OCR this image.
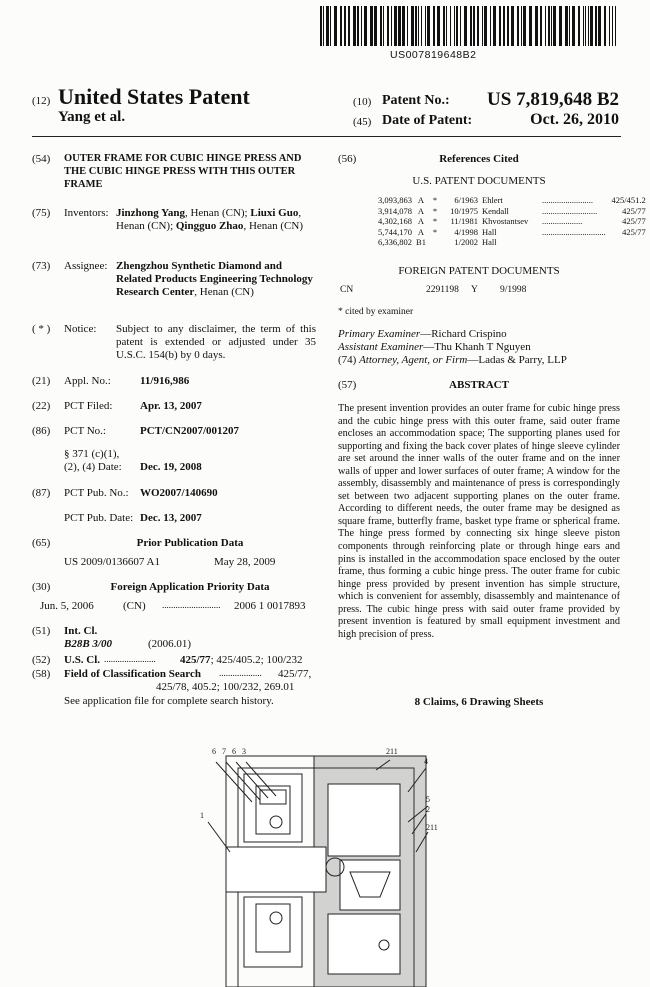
US007819648B2
(12) United States Patent
Yang et al.
(10) Patent No.:	US 7,819,648 B2
(45) Date of Patent:	Oct. 26, 2010
(54) OUTER FRAME FOR CUBIC HINGE PRESS AND THE CUBIC HINGE PRESS WITH THIS OUTER FRAME
(75) Inventors: Jinzhong Yang, Henan (CN); Liuxi Guo, Henan (CN); Qingguo Zhao, Henan (CN)
(73) Assignee: Zhengzhou Synthetic Diamond and Related Products Engineering Technology Research Center, Henan (CN)
( * ) Notice: Subject to any disclaimer, the term of this patent is extended or adjusted under 35 U.S.C. 154(b) by 0 days.
(21) Appl. No.:	11/916,986
(22) PCT Filed:	Apr. 13, 2007
(86) PCT No.:	PCT/CN2007/001207
§ 371 (c)(1),
(2), (4) Date: Dec. 19, 2008
(87) PCT Pub. No.: WO2007/140690
PCT Pub. Date: Dec. 13, 2007
(65)	Prior Publication Data
US 2009/0136607 A1	May 28, 2009
(30)	Foreign Application Priority Data
Jun. 5, 2006	(CN) .......................... 2006 1 0017893
(51) Int. Cl.
B28B 3/00	(2006.01)
(52) U.S. Cl. ....................... 425/77; 425/405.2; 100/232
(58) Field of Classification Search ................... 425/77,
425/78, 405.2; 100/232, 269.01
See application file for complete search history.
(56)	References Cited
U.S. PATENT DOCUMENTS
3,093,863	A	*	6/1963	Ehlert	........................	425/451.2
3,914,078	A	*	10/1975	Kendall	..........................	425/77
4,302,168	A	*	11/1981	Khvostantsev	...................	425/77
5,744,170	A	*	4/1998	Hall	..............................	425/77
6,336,802	B1		1/2002	Hall		
FOREIGN PATENT DOCUMENTS
CN	2291198 Y 9/1998
* cited by examiner
Primary Examiner—Richard Crispino
Assistant Examiner—Thu Khanh T Nguyen
(74) Attorney, Agent, or Firm—Ladas & Parry, LLP
(57)	ABSTRACT
The present invention provides an outer frame for cubic hinge press and the cubic hinge press with this outer frame, said outer frame encloses an accommodation space; The supporting planes used for supporting and fixing the back cover plates of hinge sleeve cylinder are set around the inner walls of the outer frame and on the inner walls of upper and lower surfaces of outer frame; A window for the assembly, disassembly and maintenance of press is correspondingly set between two adjacent supporting planes on the outer frame. According to different needs, the outer frame may be designed as square frame, butterfly frame, basket type frame or spherical frame. The hinge press formed by connecting six hinge sleeve piston components through reinforcing plate or through hinge ears and pins is installed in the accommodation space enclosed by the outer frame, thus forming a cubic hinge press. The outer frame for cubic hinge press provided by present invention has simple structure, which is convenient for assembly, disassembly and maintenance of press. The cubic hinge press with said outer frame provided by present invention is featured by small equipment investment and high precision of press.
8 Claims, 6 Drawing Sheets
6 7 6 3	211
4
5
2
211
1
